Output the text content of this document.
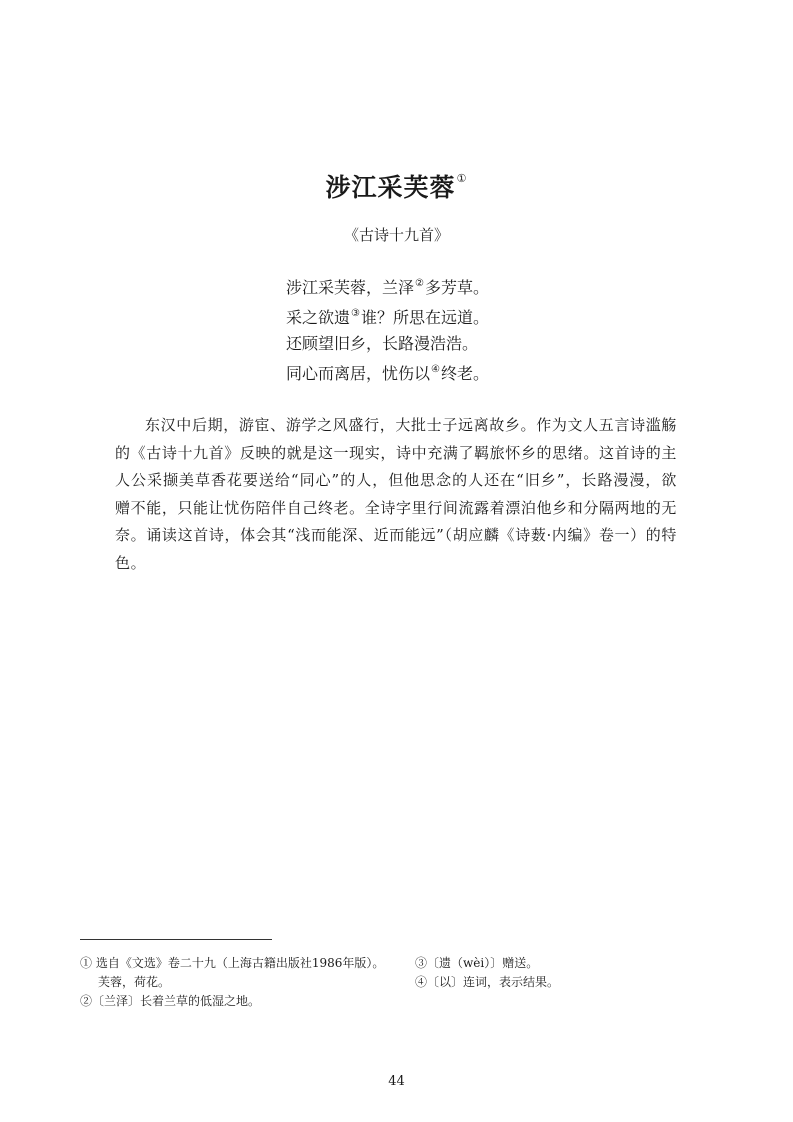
涉江采芙蓉①
《古诗十九首》
涉江采芙蓉，兰泽②多芳草。
采之欲遗③谁？所思在远道。
还顾望旧乡，长路漫浩浩。
同心而离居，忧伤以④终老。

东汉中后期，游宦、游学之风盛行，大批士子远离故乡。作为文人五言诗滥觞的《古诗十九首》反映的就是这一现实，诗中充满了羁旅怀乡的思绪。这首诗的主人公采撷美草香花要送给“同心”的人，但他思念的人还在“旧乡”，长路漫漫，欲赠不能，只能让忧伤陪伴自己终老。全诗字里行间流露着漂泊他乡和分隔两地的无奈。诵读这首诗，体会其“浅而能深、近而能远”（胡应麟《诗薮·内编》卷一）的特色。

① 选自《文选》卷二十九（上海古籍出版社1986年版）。
芙蓉，荷花。
②〔兰泽〕长着兰草的低湿之地。
③〔遗（wèi）〕赠送。
④〔以〕连词，表示结果。
44
